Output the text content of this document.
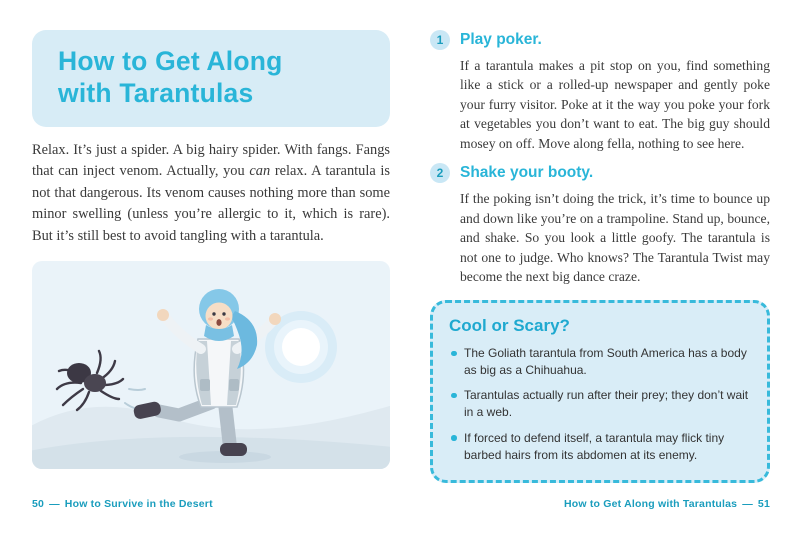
How to Get Along
with Tarantulas

Relax. It’s just a spider. A big hairy spider. With fangs. Fangs that can inject venom. Actually, you can relax. A tarantula is not that dangerous. Its venom causes nothing more than some minor swelling (unless you’re allergic to it, which is rare). But it’s still best to avoid tangling with a tarantula.

1	Play poker.

If a tarantula makes a pit stop on you, find something like a stick or a rolled-up newspaper and gently poke your furry visitor. Poke at it the way you poke your fork at vegetables you don’t want to eat. The big guy should mosey on off. Move along fella, nothing to see here.

2	Shake your booty.

If the poking isn’t doing the trick, it’s time to bounce up and down like you’re on a trampoline. Stand up, bounce, and shake. So you look a little goofy. The tarantula is not one to judge. Who knows? The Tarantula Twist may become the next big dance craze.

Cool or Scary?
The Goliath tarantula from South America has a body as big as a Chihuahua.
Tarantulas actually run after their prey; they don’t wait in a web.
If forced to defend itself, a tarantula may flick tiny barbed hairs from its abdomen at its enemy.
50 — How to Survive in the Desert	How to Get Along with Tarantulas — 51
